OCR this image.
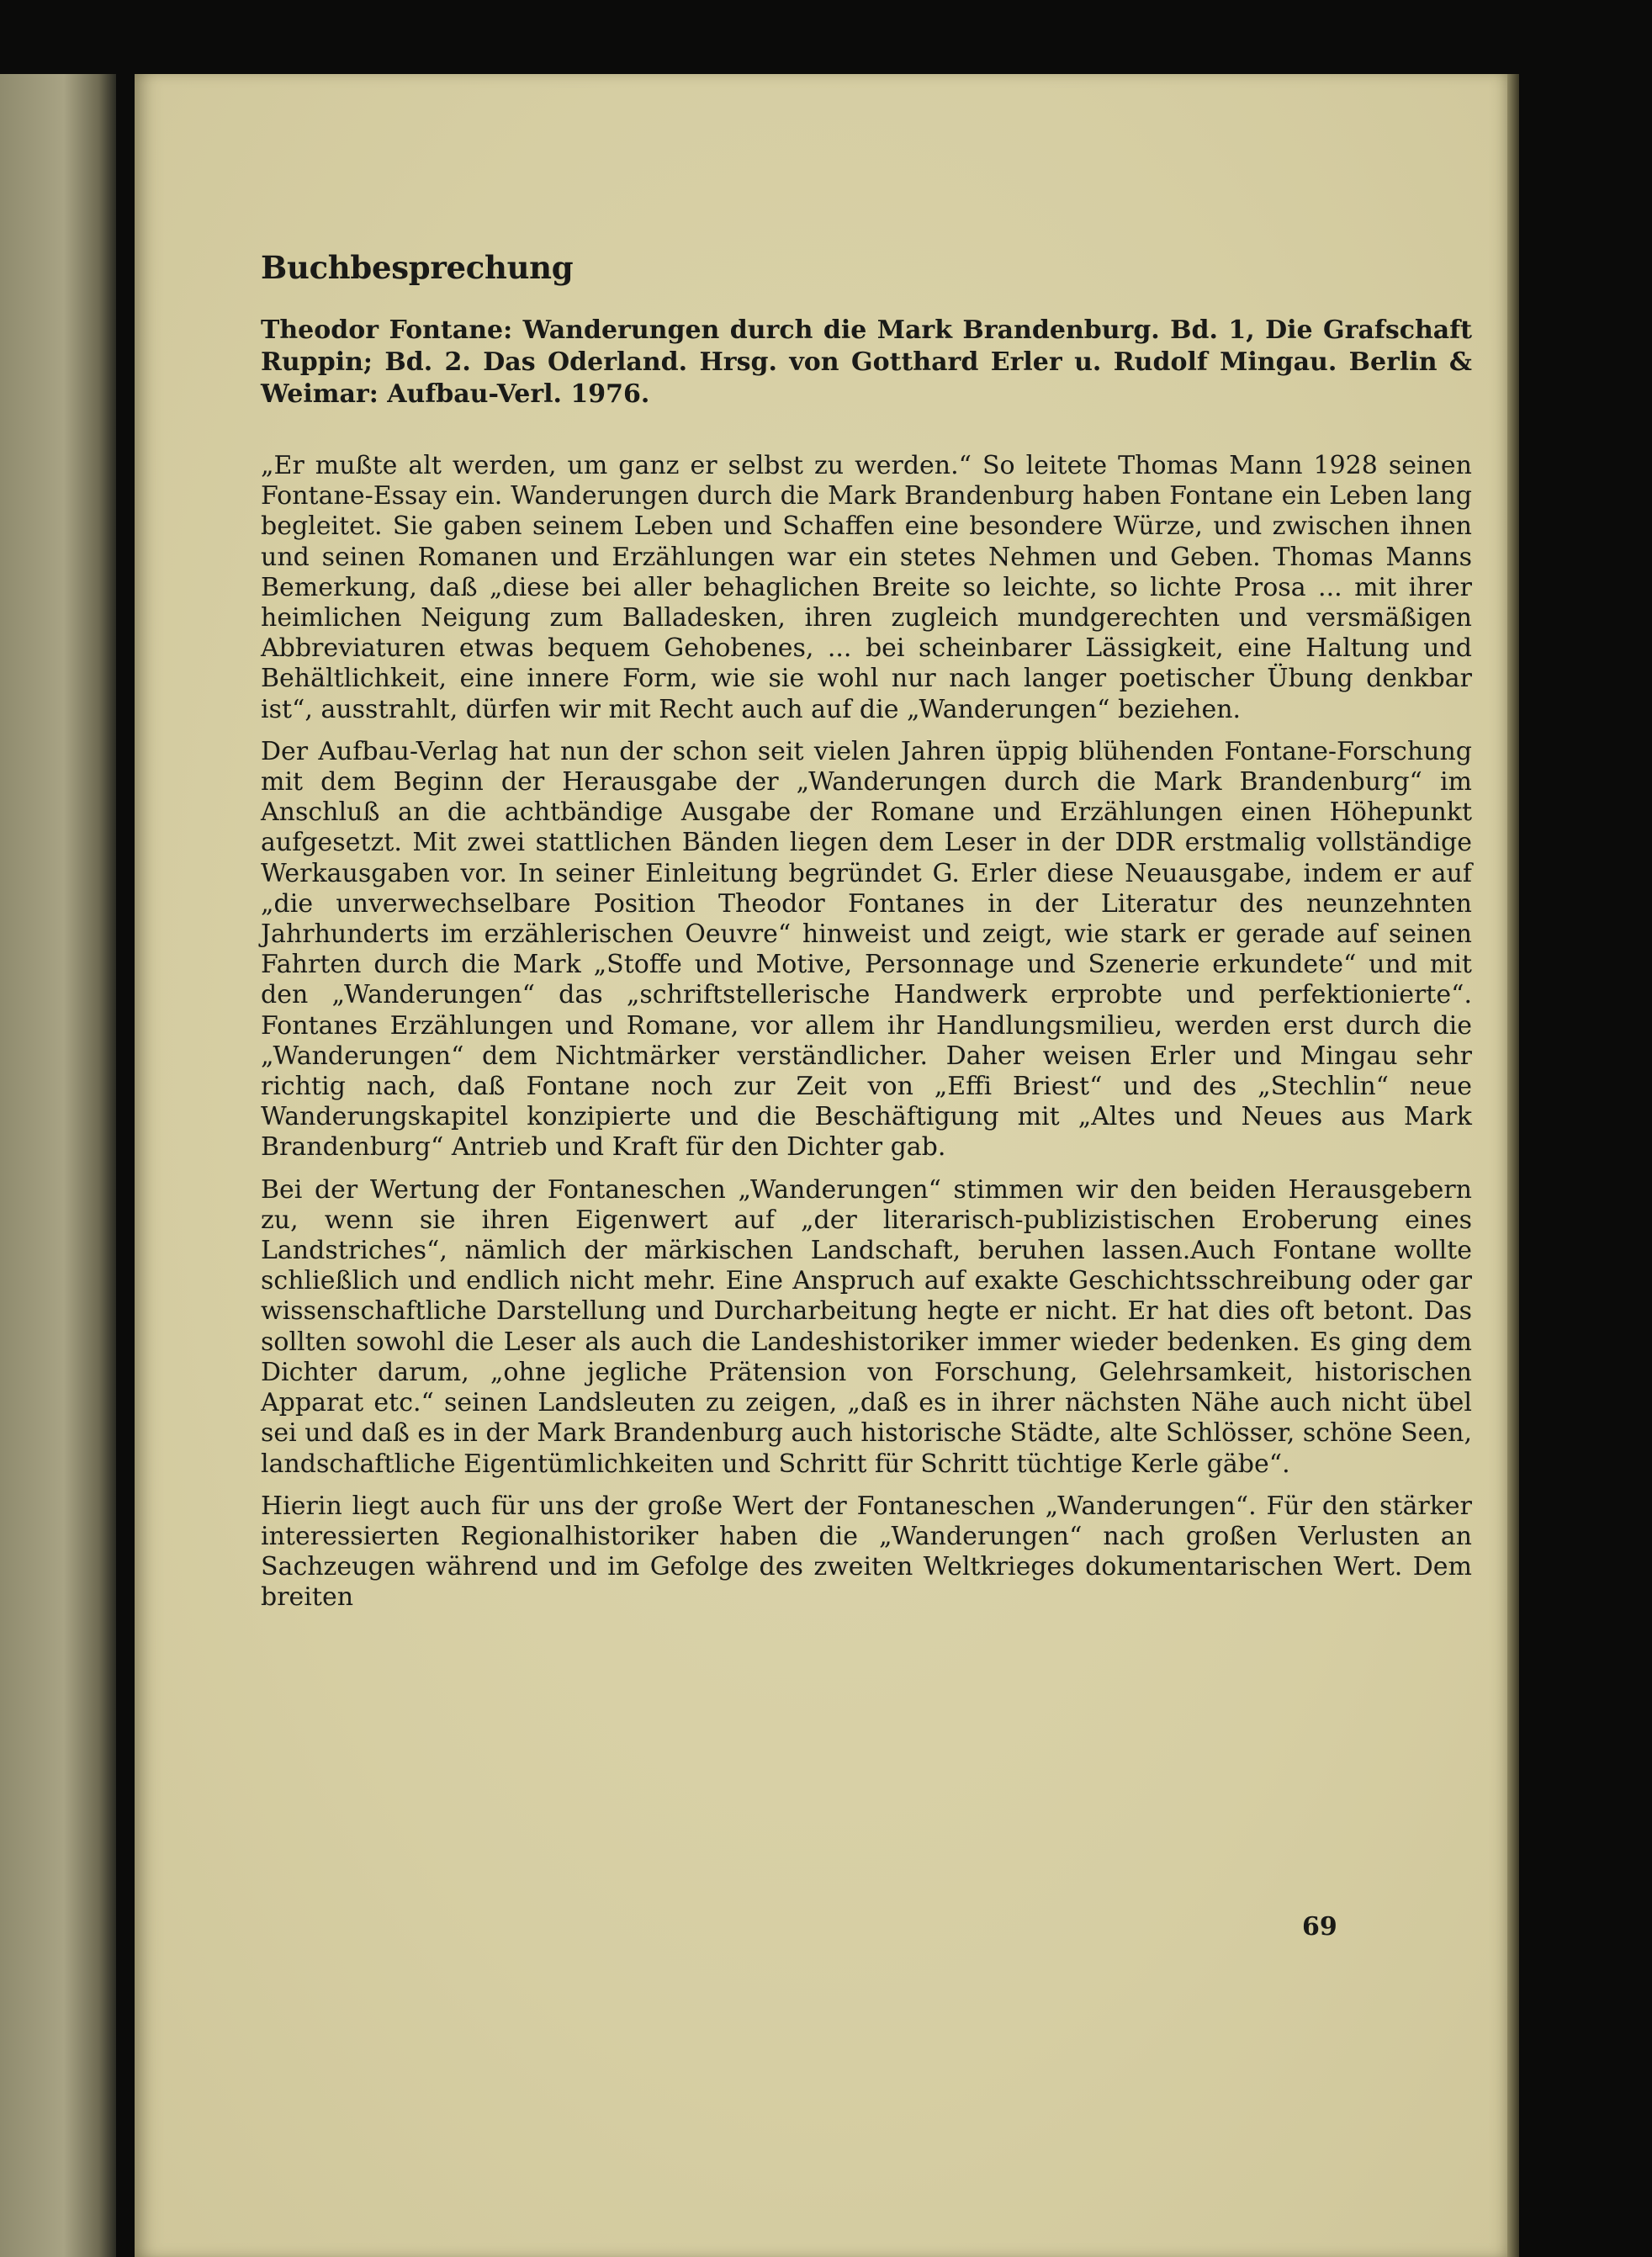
Buchbesprechung
Theodor Fontane: Wanderungen durch die Mark Brandenburg. Bd. 1, Die Grafschaft Ruppin; Bd. 2. Das Oderland. Hrsg. von Gotthard Erler u. Rudolf Mingau. Berlin & Weimar: Aufbau-Verl. 1976.

„Er mußte alt werden, um ganz er selbst zu werden.“ So leitete Thomas Mann 1928 seinen Fontane-Essay ein. Wanderungen durch die Mark Brandenburg haben Fontane ein Leben lang begleitet. Sie gaben seinem Leben und Schaffen eine besondere Würze, und zwischen ihnen und seinen Romanen und Erzählungen war ein stetes Nehmen und Geben. Thomas Manns Bemerkung, daß „diese bei aller behaglichen Breite so leichte, so lichte Prosa ... mit ihrer heimlichen Neigung zum Balladesken, ihren zugleich mundgerechten und versmäßigen Abbreviaturen etwas bequem Gehobenes, ... bei scheinbarer Lässigkeit, eine Haltung und Behältlichkeit, eine innere Form, wie sie wohl nur nach langer poetischer Übung denkbar ist“, ausstrahlt, dürfen wir mit Recht auch auf die „Wanderungen“ beziehen.

Der Aufbau-Verlag hat nun der schon seit vielen Jahren üppig blühenden Fontane-Forschung mit dem Beginn der Herausgabe der „Wanderungen durch die Mark Brandenburg“ im Anschluß an die achtbändige Ausgabe der Romane und Erzählungen einen Höhepunkt aufgesetzt. Mit zwei stattlichen Bänden liegen dem Leser in der DDR erstmalig vollständige Werkausgaben vor. In seiner Einleitung begründet G. Erler diese Neuausgabe, indem er auf „die unverwechselbare Position Theodor Fontanes in der Literatur des neunzehnten Jahrhunderts im erzählerischen Oeuvre“ hinweist und zeigt, wie stark er gerade auf seinen Fahrten durch die Mark „Stoffe und Motive, Personnage und Szenerie erkundete“ und mit den „Wanderungen“ das „schriftstellerische Handwerk erprobte und perfektionierte“. Fontanes Erzählungen und Romane, vor allem ihr Handlungsmilieu, werden erst durch die „Wanderungen“ dem Nichtmärker verständlicher. Daher weisen Erler und Mingau sehr richtig nach, daß Fontane noch zur Zeit von „Effi Briest“ und des „Stechlin“ neue Wanderungskapitel konzipierte und die Beschäftigung mit „Altes und Neues aus Mark Brandenburg“ Antrieb und Kraft für den Dichter gab.

Bei der Wertung der Fontaneschen „Wanderungen“ stimmen wir den beiden Herausgebern zu, wenn sie ihren Eigenwert auf „der literarisch-publizistischen Eroberung eines Landstriches“, nämlich der märkischen Landschaft, beruhen lassen.Auch Fontane wollte schließlich und endlich nicht mehr. Eine Anspruch auf exakte Geschichtsschreibung oder gar wissenschaftliche Darstellung und Durcharbeitung hegte er nicht. Er hat dies oft betont. Das sollten sowohl die Leser als auch die Landeshistoriker immer wieder bedenken. Es ging dem Dichter darum, „ohne jegliche Prätension von Forschung, Gelehrsamkeit, historischen Apparat etc.“ seinen Landsleuten zu zeigen, „daß es in ihrer nächsten Nähe auch nicht übel sei und daß es in der Mark Brandenburg auch historische Städte, alte Schlösser, schöne Seen, landschaftliche Eigentümlichkeiten und Schritt für Schritt tüchtige Kerle gäbe“.

Hierin liegt auch für uns der große Wert der Fontaneschen „Wanderungen“. Für den stärker interessierten Regionalhistoriker haben die „Wanderungen“ nach großen Verlusten an Sachzeugen während und im Gefolge des zweiten Weltkrieges dokumentarischen Wert. Dem breiten

69
